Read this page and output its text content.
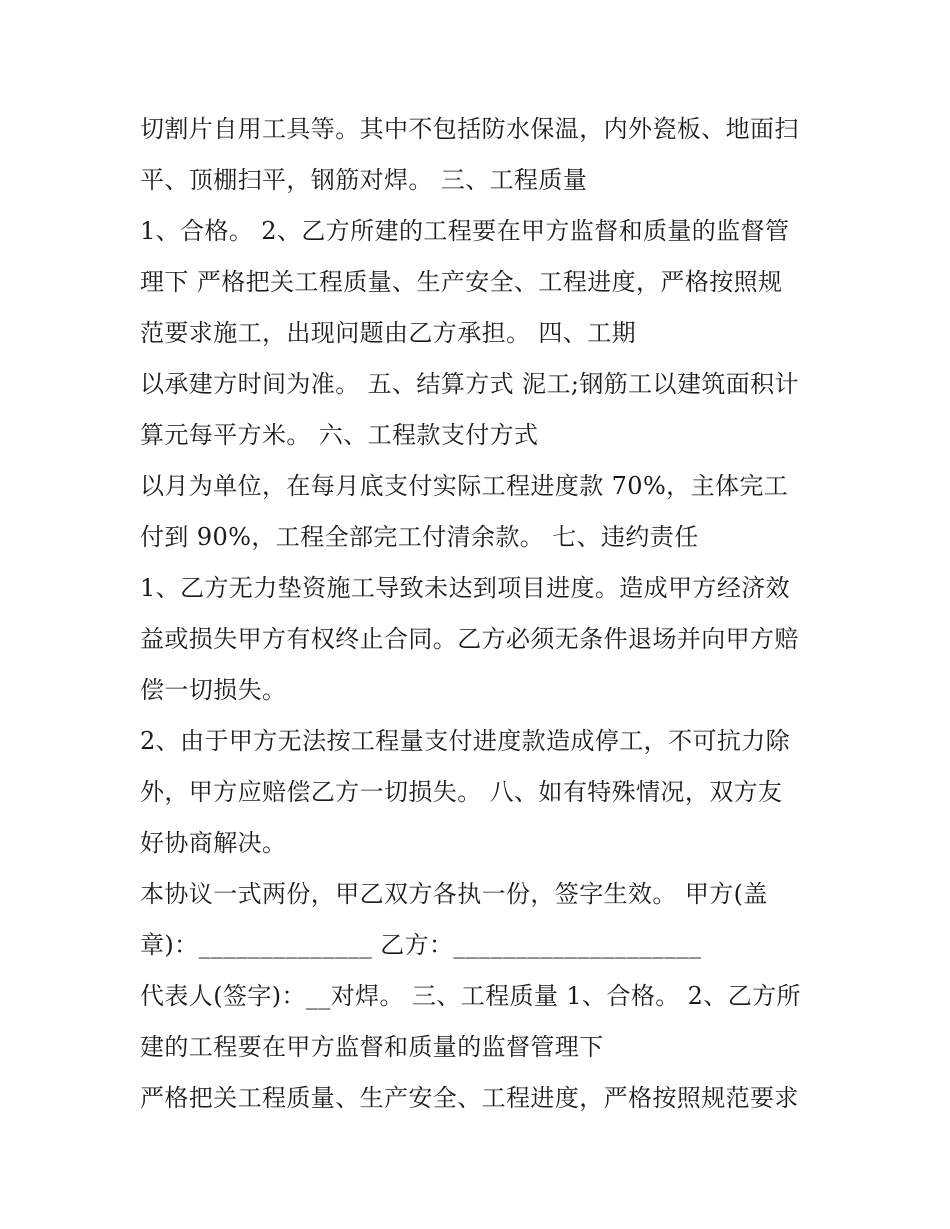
切割片自用工具等。其中不包括防水保温，内外瓷板、地面扫
平、顶棚扫平，钢筋对焊。 三、工程质量
1、合格。 2、乙方所建的工程要在甲方监督和质量的监督管
理下 严格把关工程质量、生产安全、工程进度，严格按照规
范要求施工，出现问题由乙方承担。 四、工期
以承建方时间为准。 五、结算方式 泥工;钢筋工以建筑面积计
算元每平方米。 六、工程款支付方式
以月为单位，在每月底支付实际工程进度款 70%，主体完工
付到 90%，工程全部完工付清余款。 七、违约责任
1、乙方无力垫资施工导致未达到项目进度。造成甲方经济效
益或损失甲方有权终止合同。乙方必须无条件退场并向甲方赔
偿一切损失。
2、由于甲方无法按工程量支付进度款造成停工，不可抗力除
外，甲方应赔偿乙方一切损失。 八、如有特殊情况，双方友
好协商解决。
本协议一式两份，甲乙双方各执一份，签字生效。 甲方(盖
章)：______________ 乙方：____________________
代表人(签字)：__对焊。 三、工程质量 1、合格。 2、乙方所
建的工程要在甲方监督和质量的监督管理下
严格把关工程质量、生产安全、工程进度，严格按照规范要求
